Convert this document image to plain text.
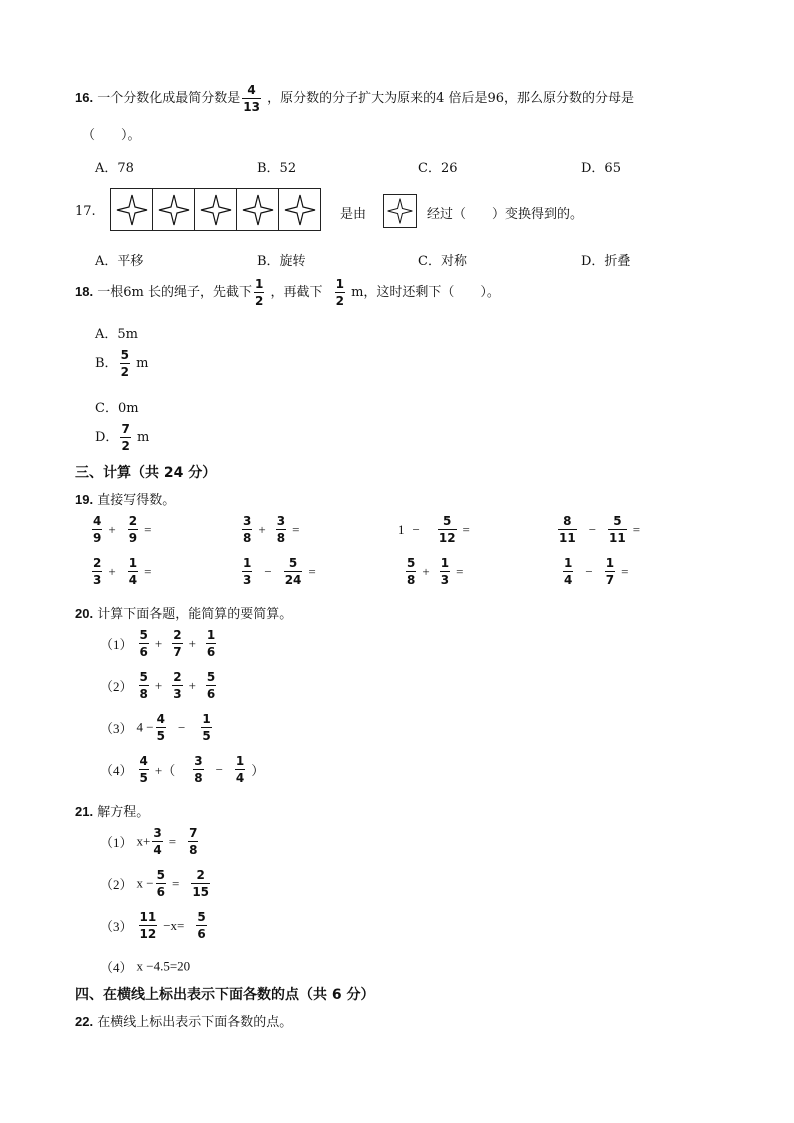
16. 一个分数化成最简分数是 $\frac{4}{13}$ ，原分数的分子扩大为原来的4 倍后是96，那么原分数的分母是
（　　）。
A．78	B．52	C．26	D．65
17.	是由	经过（　　）变换得到的。
A．平移	B．旋转	C．对称	D．折叠
18. 一根6m 长的绳子，先截下 $\frac{1}{2}$ ，再截下 $\frac{1}{2}$ m，这时还剩下（　　）。
A．5m
B． $\frac{5}{2}$ m
C．0m
D． $\frac{7}{2}$ m
三、计算（共 24 分）
19. 直接写得数。
$\frac{4}{9} + \frac{2}{9}$ =	$\frac{3}{8} + \frac{3}{8}$ =	$1 - \frac{5}{12}$ =	$\frac{8}{11} - \frac{5}{11}$ =
$\frac{2}{3} + \frac{1}{4}$ =	$\frac{1}{3} - \frac{5}{24}$ =	$\frac{5}{8} + \frac{1}{3}$ =	$\frac{1}{4} - \frac{1}{7}$ =
20. 计算下面各题，能简算的要简算。
$(1) \frac{5}{6} + \frac{2}{7} + \frac{1}{6}$
$(2) \frac{5}{8} + \frac{2}{3} + \frac{5}{6}$
（3） $4 - \frac{4}{5} - \frac{1}{5}$
$(4) \frac{4}{5}$ +（ $\frac{3}{8} - \frac{1}{4}$ ）
21. 解方程。
（1） $x+ \frac{3}{4} = \frac{7}{8}$
（2） $x - \frac{5}{6} = \frac{2}{15}$
$(3) \frac{11}{12} -x= \frac{5}{6}$
（4） x −4.5=20
四、在横线上标出表示下面各数的点（共 6 分）
22. 在横线上标出表示下面各数的点。
